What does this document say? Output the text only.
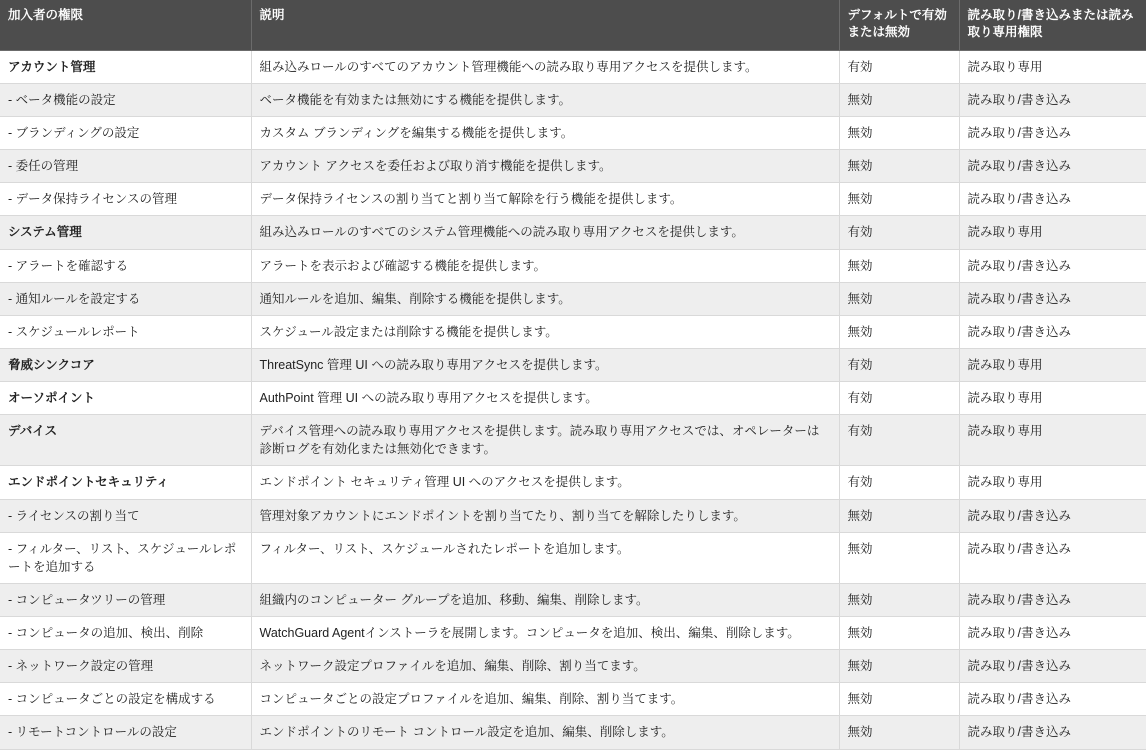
加入者の権限	説明	デフォルトで有効または無効	読み取り/書き込みまたは読み取り専用権限
アカウント管理	組み込みロールのすべてのアカウント管理機能への読み取り専用アクセスを提供します。	有効	読み取り専用
- ベータ機能の設定	ベータ機能を有効または無効にする機能を提供します。	無効	読み取り/書き込み
- ブランディングの設定	カスタム ブランディングを編集する機能を提供します。	無効	読み取り/書き込み
- 委任の管理	アカウント アクセスを委任および取り消す機能を提供します。	無効	読み取り/書き込み
- データ保持ライセンスの管理	データ保持ライセンスの割り当てと割り当て解除を行う機能を提供します。	無効	読み取り/書き込み
システム管理	組み込みロールのすべてのシステム管理機能への読み取り専用アクセスを提供します。	有効	読み取り専用
- アラートを確認する	アラートを表示および確認する機能を提供します。	無効	読み取り/書き込み
- 通知ルールを設定する	通知ルールを追加、編集、削除する機能を提供します。	無効	読み取り/書き込み
- スケジュールレポート	スケジュール設定または削除する機能を提供します。	無効	読み取り/書き込み
脅威シンクコア	ThreatSync 管理 UI への読み取り専用アクセスを提供します。	有効	読み取り専用
オーソポイント	AuthPoint 管理 UI への読み取り専用アクセスを提供します。	有効	読み取り専用
デバイス	デバイス管理への読み取り専用アクセスを提供します。読み取り専用アクセスでは、オペレーターは診断ログを有効化または無効化できます。	有効	読み取り専用
エンドポイントセキュリティ	エンドポイント セキュリティ管理 UI へのアクセスを提供します。	有効	読み取り専用
- ライセンスの割り当て	管理対象アカウントにエンドポイントを割り当てたり、割り当てを解除したりします。	無効	読み取り/書き込み
- フィルター、リスト、スケジュールレポートを追加する	フィルター、リスト、スケジュールされたレポートを追加します。	無効	読み取り/書き込み
- コンピュータツリーの管理	組織内のコンピューター グループを追加、移動、編集、削除します。	無効	読み取り/書き込み
- コンピュータの追加、検出、削除	WatchGuard Agentインストーラを展開します。コンピュータを追加、検出、編集、削除します。	無効	読み取り/書き込み
- ネットワーク設定の管理	ネットワーク設定プロファイルを追加、編集、削除、割り当てます。	無効	読み取り/書き込み
- コンピュータごとの設定を構成する	コンピュータごとの設定プロファイルを追加、編集、削除、割り当てます。	無効	読み取り/書き込み
- リモートコントロールの設定	エンドポイントのリモート コントロール設定を追加、編集、削除します。	無効	読み取り/書き込み
